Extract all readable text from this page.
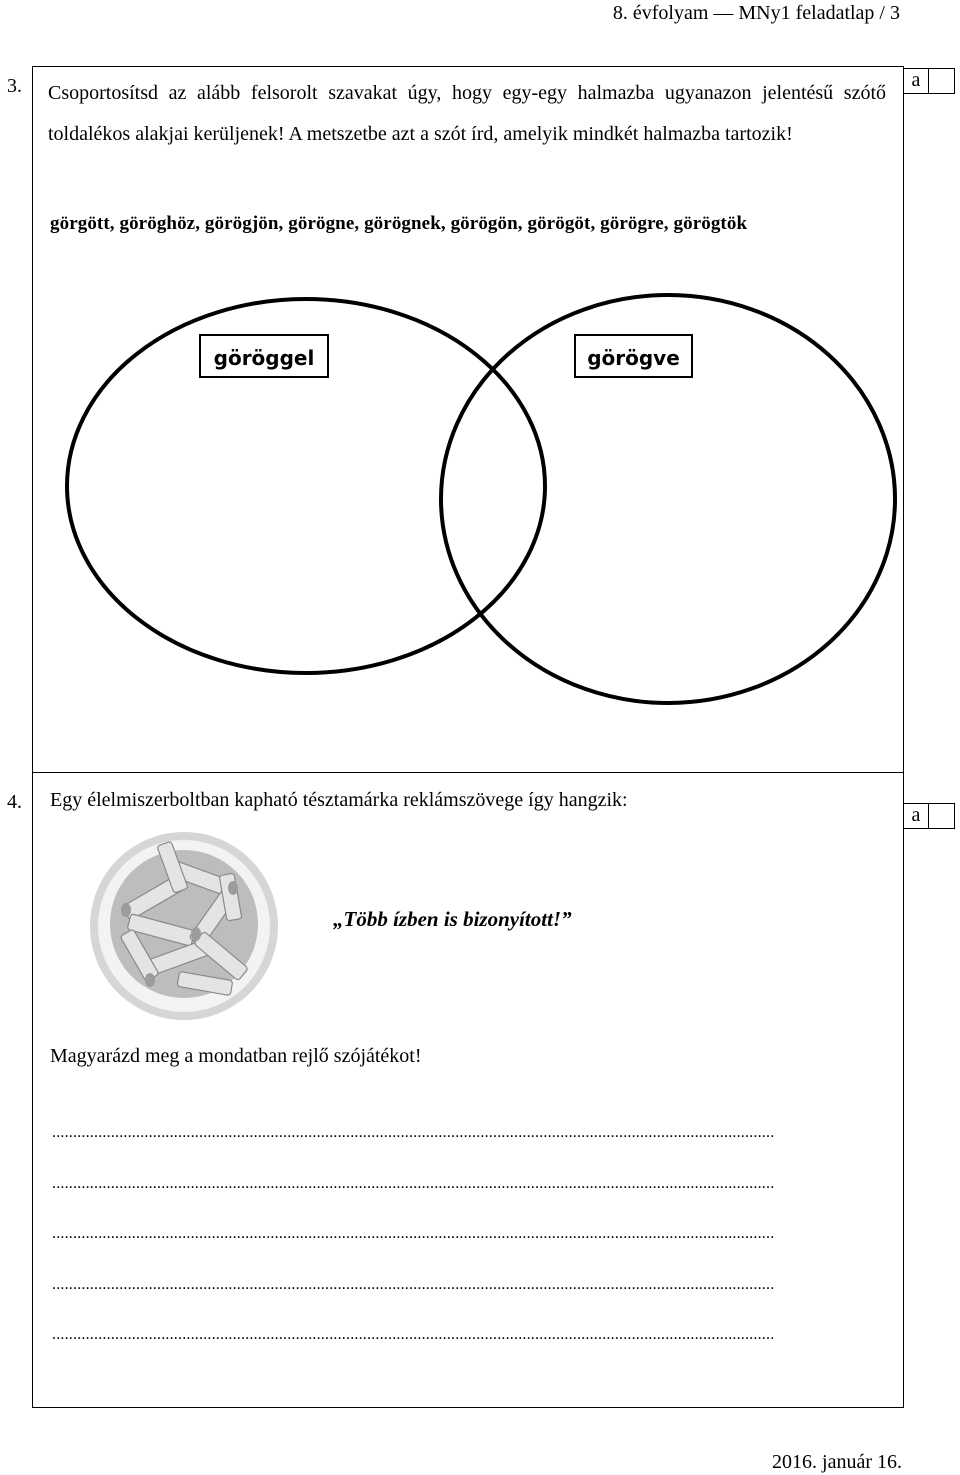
8. évfolyam — MNy1 feladatlap / 3
3. Csoportosítsd az alább felsorolt szavakat úgy, hogy egy-egy halmazba ugyanazon jelentésű szótő toldalékos alakjai kerüljenek! A metszetbe azt a szót írd, amelyik mindkét halmazba tartozik!
a
görgött, göröghöz, görögjön, görögne, görögnek, görögön, görögöt, görögre, görögtök
göröggel	görögve
4. Egy élelmiszerboltban kapható tésztamárka reklámszövege így hangzik:
a
„Több ízben is bizonyított!”
Magyarázd meg a mondatban rejlő szójátékot!
............................................................................................................................................................................
............................................................................................................................................................................
............................................................................................................................................................................
............................................................................................................................................................................
............................................................................................................................................................................
2016. január 16.
